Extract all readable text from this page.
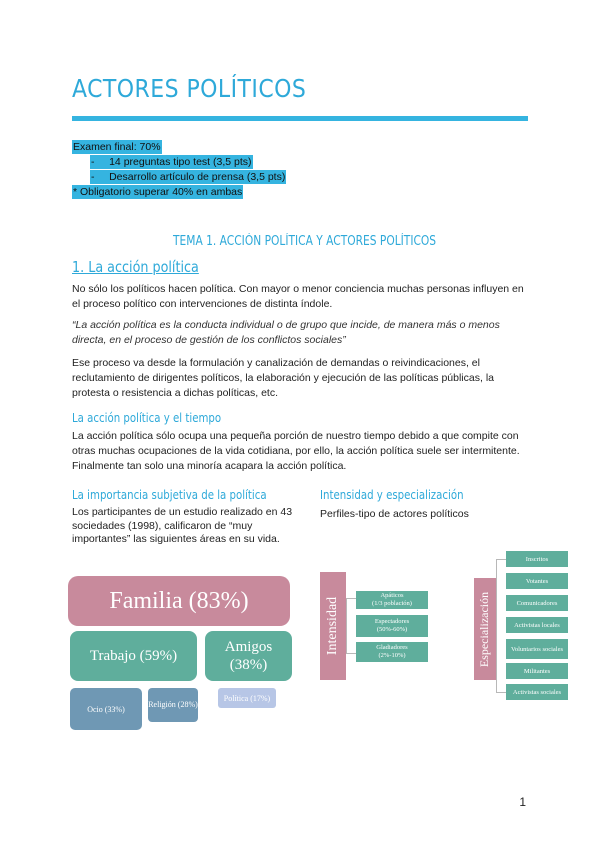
ACTORES POLÍTICOS
Examen final: 70%
- 14 preguntas tipo test (3,5 pts)
- Desarrollo artículo de prensa (3,5 pts)
* Obligatorio superar 40% en ambas
TEMA 1. ACCIÓN POLÍTICA Y ACTORES POLÍTICOS
1. La acción política
No sólo los políticos hacen política. Con mayor o menor conciencia muchas personas influyen en el proceso político con intervenciones de distinta índole.
“La acción política es la conducta individual o de grupo que incide, de manera más o menos directa, en el proceso de gestión de los conflictos sociales”
Ese proceso va desde la formulación y canalización de demandas o reivindicaciones, el reclutamiento de dirigentes políticos, la elaboración y ejecución de las políticas públicas, la protesta o resistencia a dichas políticas, etc.
La acción política y el tiempo
La acción política sólo ocupa una pequeña porción de nuestro tiempo debido a que compite con otras muchas ocupaciones de la vida cotidiana, por ello, la acción política suele ser intermitente. Finalmente tan solo una minoría acapara la acción política.
La importancia subjetiva de la política
Los participantes de un estudio realizado en 43 sociedades (1998), calificaron de “muy importantes” las siguientes áreas en su vida.
Intensidad y especialización
Perfiles-tipo de actores políticos
Familia (83%)
Trabajo (59%)
Amigos (38%)
Ocio (33%)	Religión (28%)
Política (17%)
Intensidad
Apáticos
(1/3 población)
Espectadores
(50%-60%)
Gladiadores
(2%-10%)	Especialización
Inscritos
Votantes
Comunicadores
Activistas locales
Voluntarios sociales
Militantes
Activistas sociales
1
